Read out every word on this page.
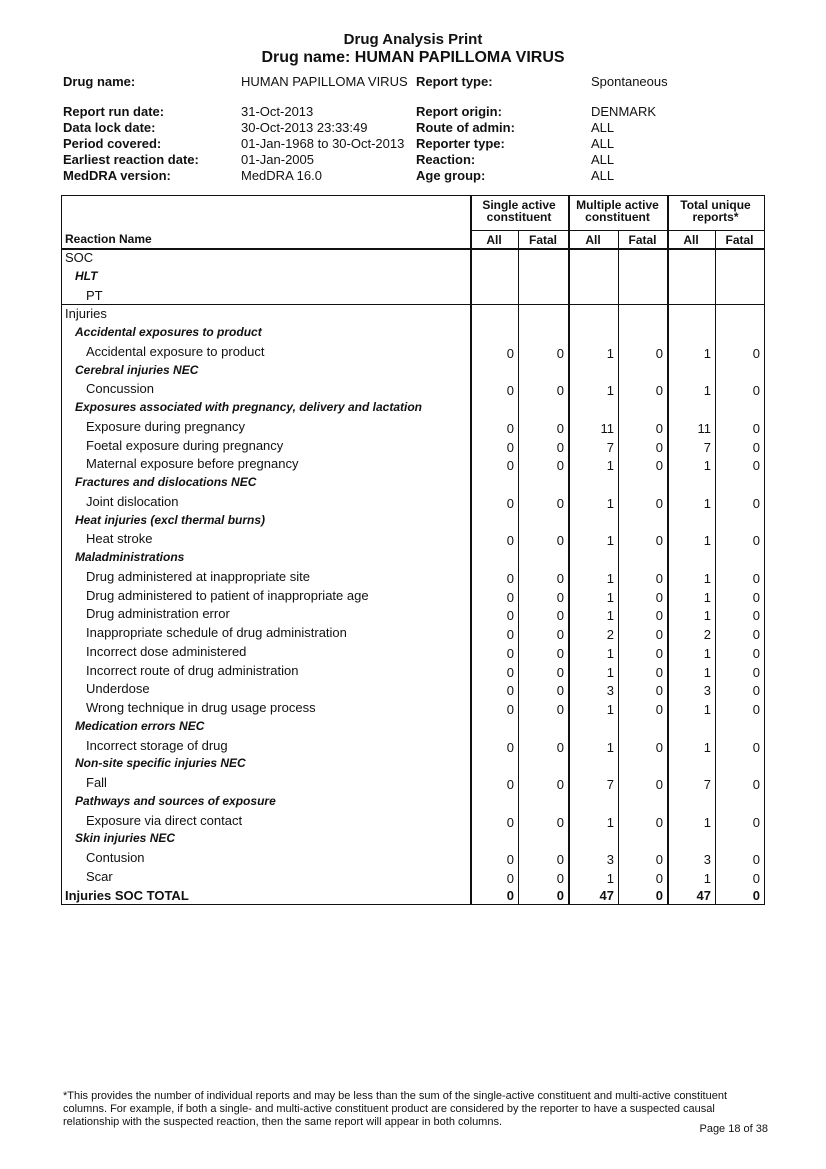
Drug Analysis Print
Drug name: HUMAN PAPILLOMA VIRUS
Drug name:	HUMAN PAPILLOMA VIRUS Report type:	Spontaneous
Report run date:	31-Oct-2013	Report origin:	DENMARK
Data lock date:	30-Oct-2013 23:33:49	Route of admin:	ALL
Period covered:	01-Jan-1968 to 30-Oct-2013 Reporter type:	ALL
Earliest reaction date:	01-Jan-2005	Reaction:	ALL
MedDRA version:	MedDRA 16.0	Age group:	ALL
Reaction Name
Single active constituent
Multiple active constituent
Total unique reports*
All	Fatal	All	Fatal	All	Fatal
SOC
HLT
PT
Injuries
Accidental exposures to product
Accidental exposure to product	0	0	1	0	1	0
Cerebral injuries NEC
Concussion	0	0	1	0	1	0
Exposures associated with pregnancy, delivery and lactation
Exposure during pregnancy	0	0	11	0	11	0
Foetal exposure during pregnancy	0	0	7	0	7	0
Maternal exposure before pregnancy	0	0	1	0	1	0
Fractures and dislocations NEC
Joint dislocation	0	0	1	0	1	0
Heat injuries (excl thermal burns)
Heat stroke	0	0	1	0	1	0
Maladministrations
Drug administered at inappropriate site	0	0	1	0	1	0
Drug administered to patient of inappropriate age	0	0	1	0	1	0
Drug administration error	0	0	1	0	1	0
Inappropriate schedule of drug administration	0	0	2	0	2	0
Incorrect dose administered	0	0	1	0	1	0
Incorrect route of drug administration	0	0	1	0	1	0
Underdose	0	0	3	0	3	0
Wrong technique in drug usage process	0	0	1	0	1	0
Medication errors NEC
Incorrect storage of drug	0	0	1	0	1	0
Non-site specific injuries NEC
Fall	0	0	7	0	7	0
Pathways and sources of exposure
Exposure via direct contact	0	0	1	0	1	0
Skin injuries NEC
Contusion	0	0	3	0	3	0
Scar	0	0	1	0	1	0
Injuries SOC TOTAL	0	0	47	0	47	0
*This provides the number of individual reports and may be less than the sum of the single-active constituent and multi-active constituent columns. For example, if both a single- and multi-active constituent product are considered by the reporter to have a suspected causal relationship with the suspected reaction, then the same report will appear in both columns.
Page 18 of 38
